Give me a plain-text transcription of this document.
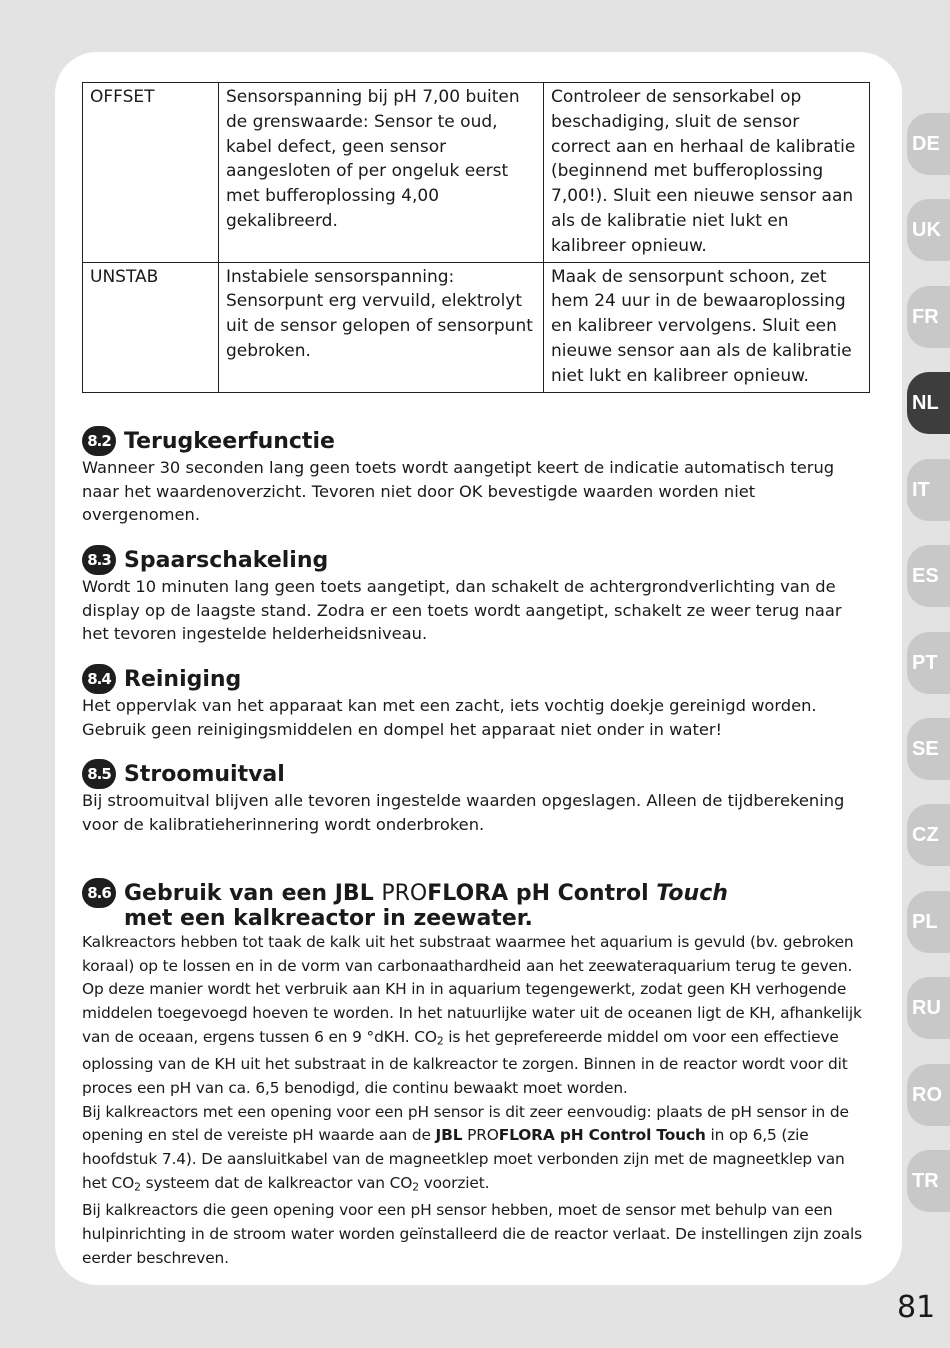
OFFSET	Sensorspanning bij pH 7,00 buiten de grenswaarde: Sensor te oud, kabel defect, geen sensor aangesloten of per ongeluk eerst met bufferoplossing 4,00 gekalibreerd.	Controleer de sensorkabel op beschadiging, sluit de sensor correct aan en herhaal de kalibratie (beginnend met bufferoplossing 7,00!). Sluit een nieuwe sensor aan als de kalibratie niet lukt en kalibreer opnieuw.
UNSTAB	Instabiele sensorspanning: Sensorpunt erg vervuild, elektrolyt uit de sensor gelopen of sensorpunt gebroken.	Maak de sensorpunt schoon, zet hem 24 uur in de bewaaroplossing en kalibreer vervolgens. Sluit een nieuwe sensor aan als de kalibratie niet lukt en kalibreer opnieuw.
8.2 Terugkeerfunctie
Wanneer 30 seconden lang geen toets wordt aangetipt keert de indicatie automatisch terug naar het waardenoverzicht. Tevoren niet door OK bevestigde waarden worden niet overgenomen.
8.3 Spaarschakeling
Wordt 10 minuten lang geen toets aangetipt, dan schakelt de achtergrondverlichting van de display op de laagste stand. Zodra er een toets wordt aangetipt, schakelt ze weer terug naar het tevoren ingestelde helderheidsniveau.
8.4 Reiniging
Het oppervlak van het apparaat kan met een zacht, iets vochtig doekje gereinigd worden. Gebruik geen reinigingsmiddelen en dompel het apparaat niet onder in water!
8.5 Stroomuitval
Bij stroomuitval blijven alle tevoren ingestelde waarden opgeslagen. Alleen de tijdberekening voor de kalibratieherinnering wordt onderbroken.
8.6 Gebruik van een JBL PROFLORA pH Control Touch
met een kalkreactor in zeewater.
Kalkreactors hebben tot taak de kalk uit het substraat waarmee het aquarium is gevuld (bv. gebroken koraal) op te lossen en in de vorm van carbonaathardheid aan het zeewateraquarium terug te geven. Op deze manier wordt het verbruik aan KH in in aquarium tegengewerkt, zodat geen KH verhogende middelen toegevoegd hoeven te worden. In het natuurlijke water uit de oceanen ligt de KH, afhankelijk van de oceaan, ergens tussen 6 en 9 °dKH. $CO_2$ is het geprefereerde middel om voor een effectieve oplossing van de KH uit het substraat in de kalkreactor te zorgen. Binnen in de reactor wordt voor dit proces een pH van ca. 6,5 benodigd, die continu bewaakt moet worden.
Bij kalkreactors met een opening voor een pH sensor is dit zeer eenvoudig: plaats de pH sensor in de opening en stel de vereiste pH waarde aan de JBL PROFLORA pH Control Touch in op 6,5 (zie hoofdstuk 7.4). De aansluitkabel van de magneetklep moet verbonden zijn met de magneetklep van het $CO_2$ systeem dat de kalkreactor van $CO_2$ voorziet.
Bij kalkreactors die geen opening voor een pH sensor hebben, moet de sensor met behulp van een hulpinrichting in de stroom water worden geïnstalleerd die de reactor verlaat. De instellingen zijn zoals eerder beschreven.
DE
UK
FR
NL
IT
ES
PT
SE
CZ
PL
RU
RO
TR
81
